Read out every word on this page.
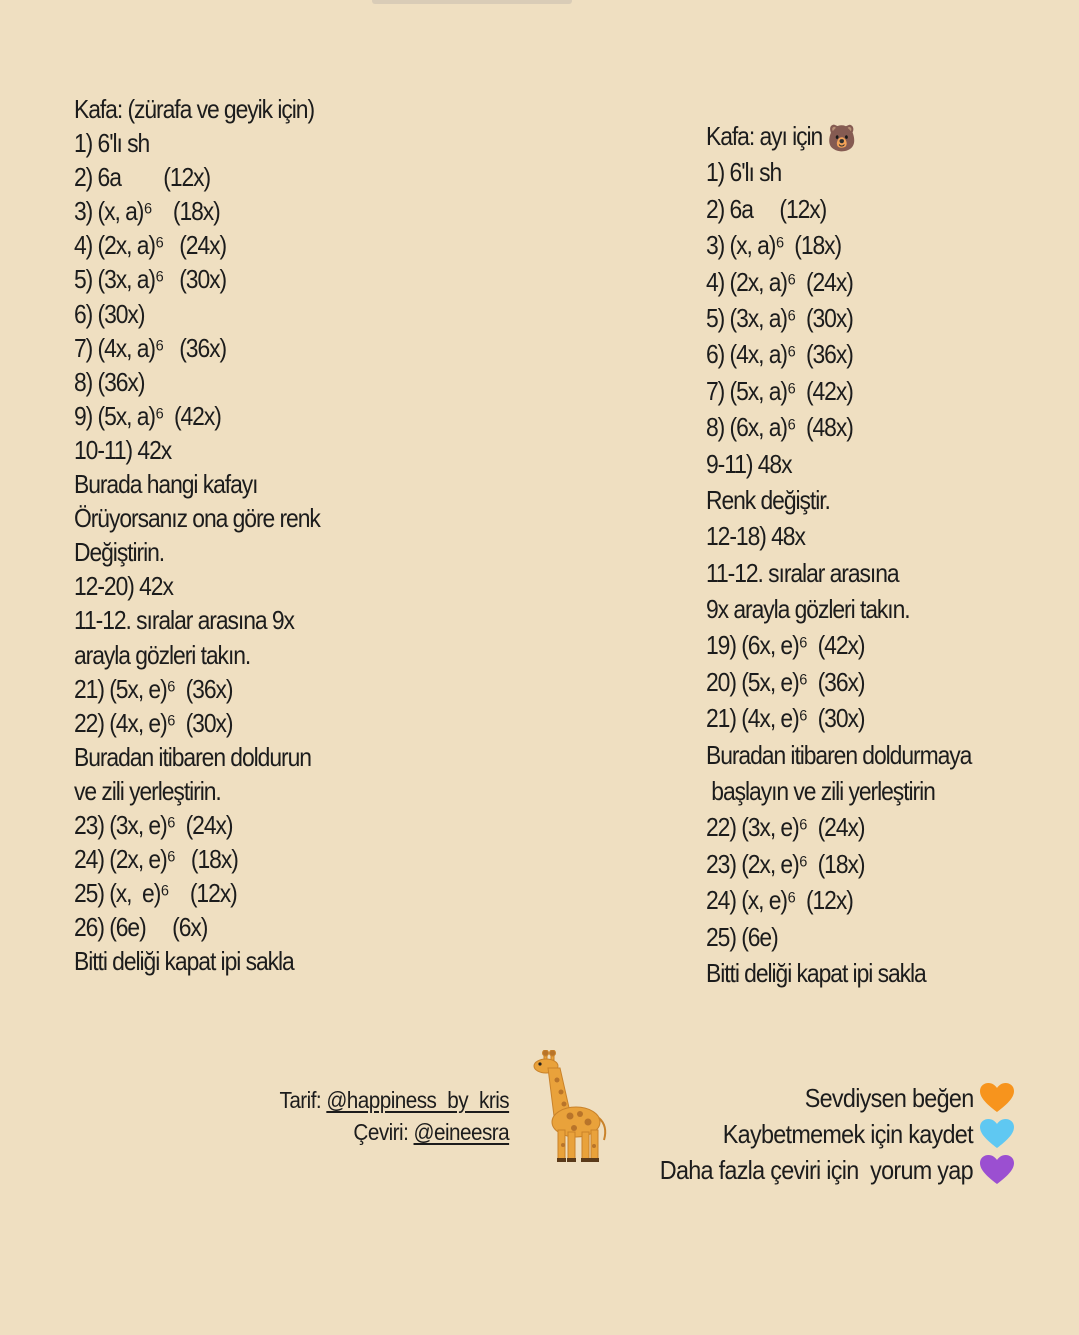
Kafa: (zürafa ve geyik için)
1) 6'lı sh
2) 6a        (12x)
3) (x, a)⁶    (18x)
4) (2x, a)⁶   (24x)
5) (3x, a)⁶   (30x)
6) (30x)
7) (4x, a)⁶   (36x)
8) (36x)
9) (5x, a)⁶  (42x)
10-11) 42x
Burada hangi kafayı
Örüyorsanız ona göre renk
Değiştirin.
12-20) 42x
11-12. sıralar arasına 9x
arayla gözleri takın.
21) (5x, e)⁶  (36x)
22) (4x, e)⁶  (30x)
Buradan itibaren doldurun
ve zili yerleştirin.
23) (3x, e)⁶  (24x)
24) (2x, e)⁶   (18x)
25) (x,  e)⁶    (12x)
26) (6e)     (6x)
Bitti deliği kapat ipi sakla
Kafa: ayı için 🐻
1) 6'lı sh
2) 6a     (12x)
3) (x, a)⁶  (18x)
4) (2x, a)⁶  (24x)
5) (3x, a)⁶  (30x)
6) (4x, a)⁶  (36x)
7) (5x, a)⁶  (42x)
8) (6x, a)⁶  (48x)
9-11) 48x
Renk değiştir.
12-18) 48x
11-12. sıralar arasına
9x arayla gözleri takın.
19) (6x, e)⁶  (42x)
20) (5x, e)⁶  (36x)
21) (4x, e)⁶  (30x)
Buradan itibaren doldurmaya
başlayın ve zili yerleştirin
22) (3x, e)⁶  (24x)
23) (2x, e)⁶  (18x)
24) (x, e)⁶  (12x)
25) (6e)
Bitti deliği kapat ipi sakla
Tarif: @happiness_by_kris
Çeviri: @eineesra
Sevdiysen beğen
Kaybetmemek için kaydet
Daha fazla çeviri için  yorum yap
